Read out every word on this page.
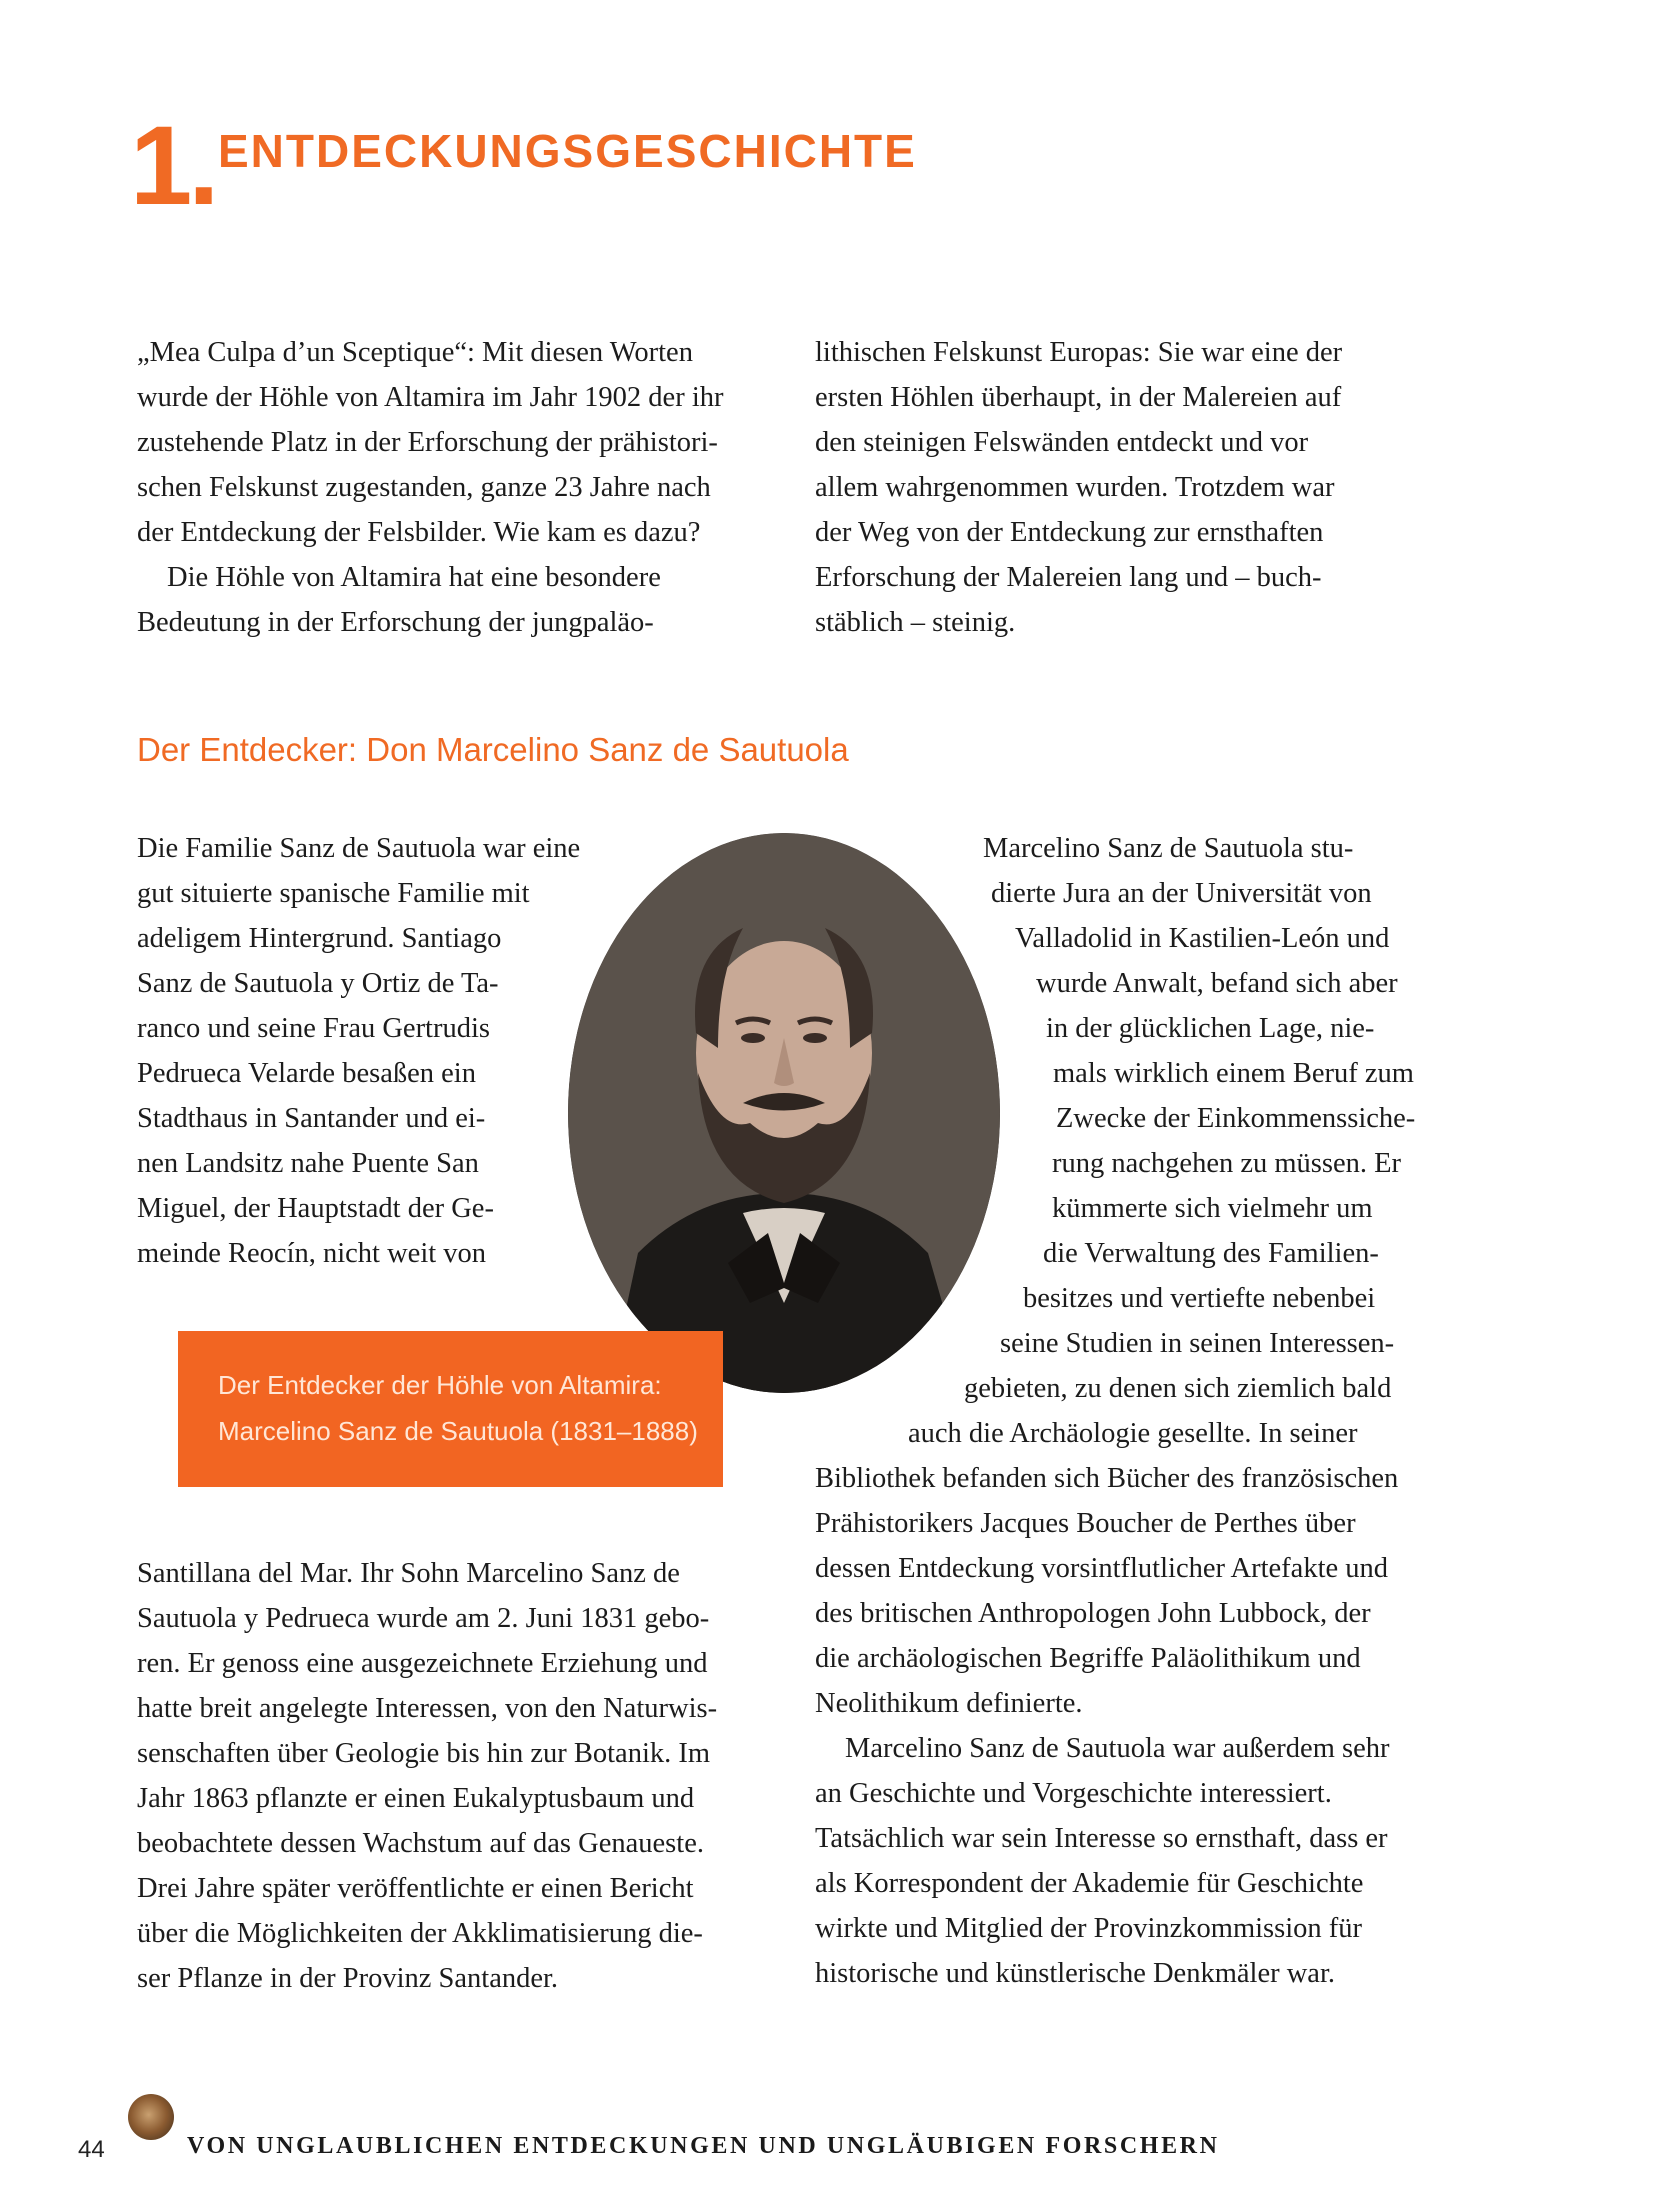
1. ENTDECKUNGSGESCHICHTE
„Mea Culpa d’un Sceptique“: Mit diesen Worten
wurde der Höhle von Altamira im Jahr 1902 der ihr
zustehende Platz in der Erforschung der prähistori-
schen Felskunst zugestanden, ganze 23 Jahre nach
der Entdeckung der Felsbilder. Wie kam es dazu?
Die Höhle von Altamira hat eine besondere
Bedeutung in der Erforschung der jungpaläo-
lithischen Felskunst Europas: Sie war eine der
ersten Höhlen überhaupt, in der Malereien auf
den steinigen Felswänden entdeckt und vor
allem wahrgenommen wurden. Trotzdem war
der Weg von der Entdeckung zur ernsthaften
Erforschung der Malereien lang und – buch-
stäblich – steinig.
Der Entdecker: Don Marcelino Sanz de Sautuola
Der Entdecker der Höhle von Altamira:
Marcelino Sanz de Sautuola (1831–1888)
Die Familie Sanz de Sautuola war eine
gut situierte spanische Familie mit
adeligem Hintergrund. Santiago
Sanz de Sautuola y Ortiz de Ta-
ranco und seine Frau Gertrudis
Pedrueca Velarde besaßen ein
Stadthaus in Santander und ei-
nen Landsitz nahe Puente San
Miguel, der Hauptstadt der Ge-
meinde Reocín, nicht weit von
Santillana del Mar. Ihr Sohn Marcelino Sanz de
Sautuola y Pedrueca wurde am 2. Juni 1831 gebo-
ren. Er genoss eine ausgezeichnete Erziehung und
hatte breit angelegte Interessen, von den Naturwis-
senschaften über Geologie bis hin zur Botanik. Im
Jahr 1863 pflanzte er einen Eukalyptusbaum und
beobachtete dessen Wachstum auf das Genaueste.
Drei Jahre später veröffentlichte er einen Bericht
über die Möglichkeiten der Akklimatisierung die-
ser Pflanze in der Provinz Santander.
Marcelino Sanz de Sautuola stu-
dierte Jura an der Universität von
Valladolid in Kastilien-León und
wurde Anwalt, befand sich aber
in der glücklichen Lage, nie-
mals wirklich einem Beruf zum
Zwecke der Einkommenssiche-
rung nachgehen zu müssen. Er
kümmerte sich vielmehr um
die Verwaltung des Familien-
besitzes und vertiefte nebenbei
seine Studien in seinen Interessen-
gebieten, zu denen sich ziemlich bald
auch die Archäologie gesellte. In seiner
Bibliothek befanden sich Bücher des französischen
Prähistorikers Jacques Boucher de Perthes über
dessen Entdeckung vorsintflutlicher Artefakte und
des britischen Anthropologen John Lubbock, der
die archäologischen Begriffe Paläolithikum und
Neolithikum definierte.
Marcelino Sanz de Sautuola war außerdem sehr
an Geschichte und Vorgeschichte interessiert.
Tatsächlich war sein Interesse so ernsthaft, dass er
als Korrespondent der Akademie für Geschichte
wirkte und Mitglied der Provinzkommission für
historische und künstlerische Denkmäler war.
44	VON UNGLAUBLICHEN ENTDECKUNGEN UND UNGLÄUBIGEN FORSCHERN
